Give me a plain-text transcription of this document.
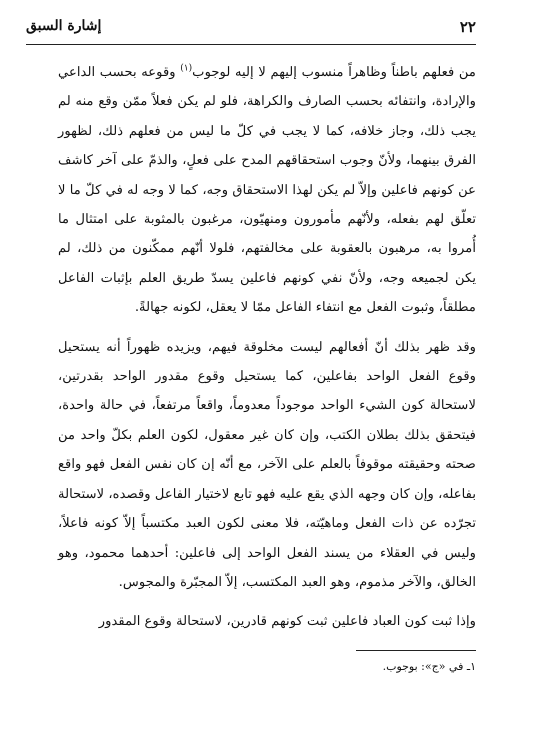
إشارة السبق	٢٢

من فعلهم باطناً وظاهراً منسوب إليهم لا إليه لوجوب$^{(١)}$ وقوعه بحسب الداعي والإرادة، وانتفائه بحسب الصارف والكراهة، فلو لم يكن فعلاً ممّن وقع منه لم يجب ذلك، وجاز خلافه، كما لا يجب في كلّ ما ليس من فعلهم ذلك، لظهور الفرق بينهما، ولأنّ وجوب استحقاقهم المدح على فعلٍ، والذمّ على آخر كاشف عن كونهم فاعلين وإلاّ لم يكن لهذا الاستحقاق وجه، كما لا وجه له في كلّ ما لا تعلّق لهم بفعله، ولأنّهم مأمورون ومنهيّون، مرغبون بالمثوبة على امتثال ما أُمروا به، مرهبون بالعقوبة على مخالفتهم، فلولا أنّهم ممكّنون من ذلك، لم يكن لجميعه وجه، ولأنّ نفي كونهم فاعلين يسدّ طريق العلم بإثبات الفاعل مطلقاً، وثبوت الفعل مع انتفاء الفاعل ممّا لا يعقل، لكونه جهالةً.

وقد ظهر بذلك أنّ أفعالهم ليست مخلوقة فيهم، ويزيده ظهوراً أنه يستحيل وقوع الفعل الواحد بفاعلين، كما يستحيل وقوع مقدور الواحد بقدرتين، لاستحالة كون الشيء الواحد موجوداً معدوماً، واقعاً مرتفعاً، في حالة واحدة، فيتحقق بذلك بطلان الكتب، وإن كان غير معقول، لكون العلم بكلّ واحد من صحته وحقيقته موقوفاً بالعلم على الآخر، مع أنّه إن كان نفس الفعل فهو واقع بفاعله، وإن كان وجهه الذي يقع عليه فهو تابع لاختيار الفاعل وقصده، لاستحالة تجرّده عن ذات الفعل وماهيّته، فلا معنى لكون العبد مكتسباً إلاّ كونه فاعلاً، وليس في العقلاء من يسند الفعل الواحد إلى فاعلين: أحدهما محمود، وهو الخالق، والآخر مذموم، وهو العبد المكتسب، إلاّ المجبّرة والمجوس.

وإذا ثبت كون العباد فاعلين ثبت كونهم قادرين، لاستحالة وقوع المقدور

١ـ في «ج»: بوجوب.
